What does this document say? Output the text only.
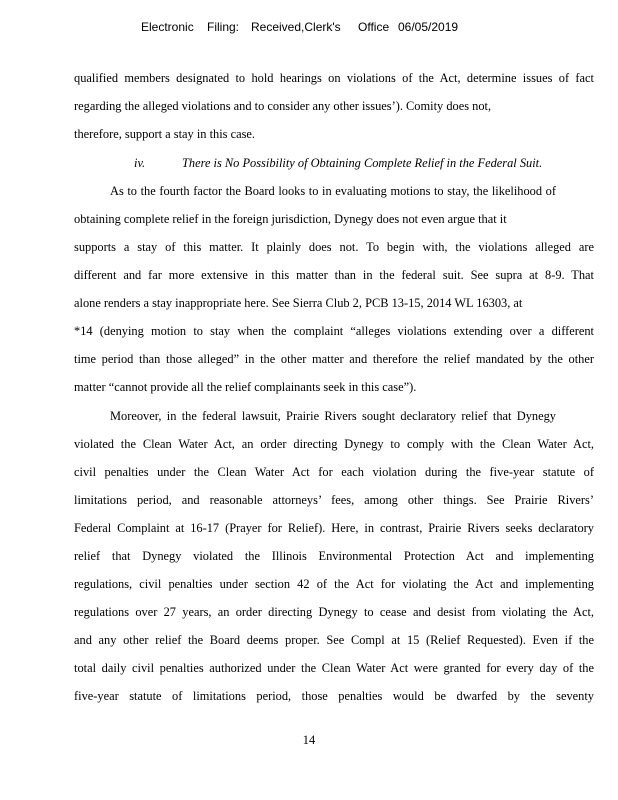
Electronic Filing: Received,Clerk's Office 06/05/2019
qualified members designated to hold hearings on violations of the Act, determine issues of fact
regarding the alleged violations and to consider any other issues’). Comity does not,
therefore, support a stay in this case.
iv.	There is No Possibility of Obtaining Complete Relief in the Federal Suit.
As to the fourth factor the Board looks to in evaluating motions to stay, the likelihood of
obtaining complete relief in the foreign jurisdiction, Dynegy does not even argue that it
supports a stay of this matter. It plainly does not. To begin with, the violations alleged are
different and far more extensive in this matter than in the federal suit. See supra at 8-9. That
alone renders a stay inappropriate here. See Sierra Club 2, PCB 13-15, 2014 WL 16303, at
*14 (denying motion to stay when the complaint “alleges violations extending over a different
time period than those alleged” in the other matter and therefore the relief mandated by the other
matter “cannot provide all the relief complainants seek in this case”).
Moreover, in the federal lawsuit, Prairie Rivers sought declaratory relief that Dynegy
violated the Clean Water Act, an order directing Dynegy to comply with the Clean Water Act,
civil penalties under the Clean Water Act for each violation during the five-year statute of
limitations period, and reasonable attorneys’ fees, among other things. See Prairie Rivers’
Federal Complaint at 16-17 (Prayer for Relief). Here, in contrast, Prairie Rivers seeks declaratory
relief that Dynegy violated the Illinois Environmental Protection Act and implementing
regulations, civil penalties under section 42 of the Act for violating the Act and implementing
regulations over 27 years, an order directing Dynegy to cease and desist from violating the Act,
and any other relief the Board deems proper. See Compl at 15 (Relief Requested). Even if the
total daily civil penalties authorized under the Clean Water Act were granted for every day of the
five-year statute of limitations period, those penalties would be dwarfed by the seventy
14
